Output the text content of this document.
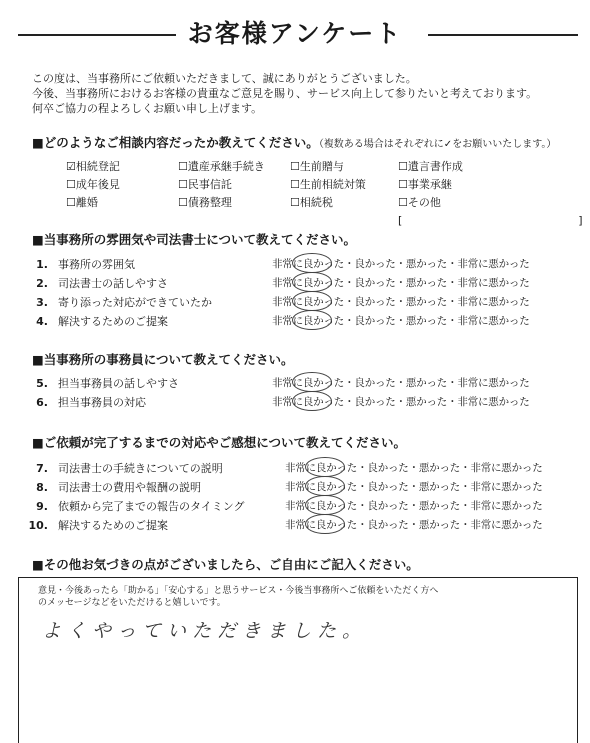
お客様アンケート
この度は、当事務所にご依頼いただきまして、誠にありがとうございました。
今後、当事務所におけるお客様の貴重なご意見を賜り、サービス向上して参りたいと考えております。
何卒ご協力の程よろしくお願い申し上げます。
■どのようなご相談内容だったか教えてください。（複数ある場合はそれぞれに✓をお願いいたします。）
☑相続登記	☐遺産承継手続き ☐生前贈与	☐遺言書作成
☐成年後見	☐民事信託	☐生前相続対策	☐事業承継
☐離婚	☐債務整理	☐相続税	☐その他
[　　　　　　　　　　　　　　　　]
■当事務所の雰囲気や司法書士について教えてください。
1. 事務所の雰囲気	非常に良かった・良かった・悪かった・非常に悪かった
2. 司法書士の話しやすさ	非常に良かった・良かった・悪かった・非常に悪かった
3. 寄り添った対応ができていたか	非常に良かった・良かった・悪かった・非常に悪かった
4. 解決するためのご提案	非常に良かった・良かった・悪かった・非常に悪かった
■当事務所の事務員について教えてください。
5. 担当事務員の話しやすさ	非常に良かった・良かった・悪かった・非常に悪かった
6. 担当事務員の対応	非常に良かった・良かった・悪かった・非常に悪かった
■ご依頼が完了するまでの対応やご感想について教えてください。
7. 司法書士の手続きについての説明	非常に良かった・良かった・悪かった・非常に悪かった
8. 司法書士の費用や報酬の説明	非常に良かった・良かった・悪かった・非常に悪かった
9. 依頼から完了までの報告のタイミング	非常に良かった・良かった・悪かった・非常に悪かった
10. 解決するためのご提案	非常に良かった・良かった・悪かった・非常に悪かった
■その他お気づきの点がございましたら、ご自由にご記入ください。
意見・今後あったら「助かる」「安心する」と思うサービス・今後当事務所へご依頼をいただく方へ
のメッセージなどをいただけると嬉しいです。
よくやっていただきました。
